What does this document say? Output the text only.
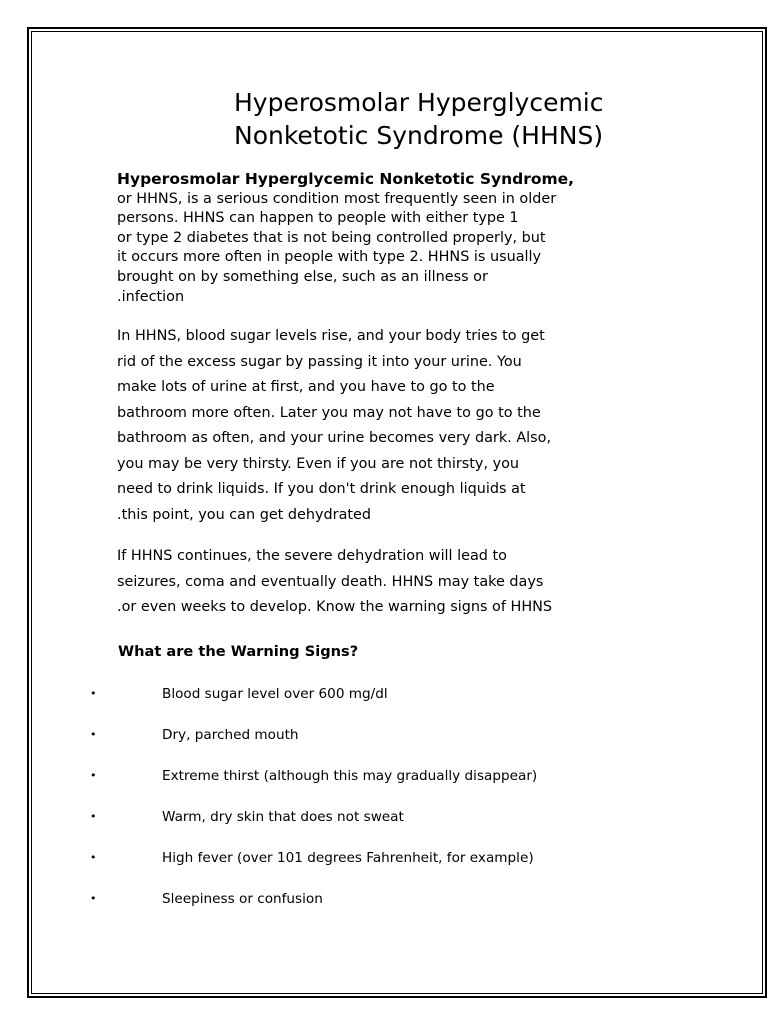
Hyperosmolar Hyperglycemic
Nonketotic Syndrome (HHNS)
Hyperosmolar Hyperglycemic Nonketotic Syndrome,
or HHNS, is a serious condition most frequently seen in older
persons. HHNS can happen to people with either type 1
or type 2 diabetes that is not being controlled properly, but
it occurs more often in people with type 2. HHNS is usually
brought on by something else, such as an illness or
.infection
In HHNS, blood sugar levels rise, and your body tries to get
rid of the excess sugar by passing it into your urine. You
make lots of urine at first, and you have to go to the
bathroom more often. Later you may not have to go to the
bathroom as often, and your urine becomes very dark. Also,
you may be very thirsty. Even if you are not thirsty, you
need to drink liquids. If you don't drink enough liquids at
.this point, you can get dehydrated
If HHNS continues, the severe dehydration will lead to
seizures, coma and eventually death. HHNS may take days
.or even weeks to develop. Know the warning signs of HHNS
What are the Warning Signs?
•	Blood sugar level over 600 mg/dl
•	Dry, parched mouth
•	Extreme thirst (although this may gradually disappear)
•	Warm, dry skin that does not sweat
•	High fever (over 101 degrees Fahrenheit, for example)
•	Sleepiness or confusion
